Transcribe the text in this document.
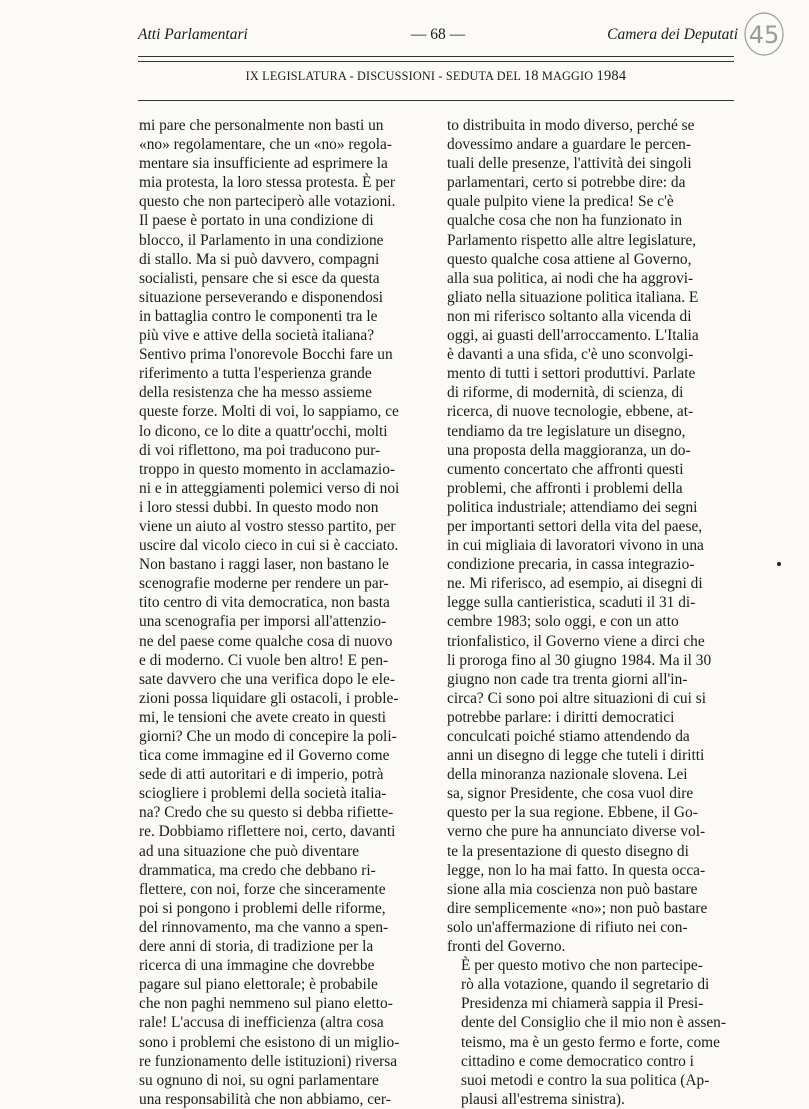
Atti Parlamentari	— 68 —	Camera dei Deputati 45
IX LEGISLATURA - DISCUSSIONI - SEDUTA DEL 18 MAGGIO 1984
mi pare che personalmente non basti un
«no» regolamentare, che un «no» regola-
mentare sia insufficiente ad esprimere la
mia protesta, la loro stessa protesta. È per
questo che non parteciperò alle votazioni.
Il paese è portato in una condizione di
blocco, il Parlamento in una condizione
di stallo. Ma si può davvero, compagni
socialisti, pensare che si esce da questa
situazione perseverando e disponendosi
in battaglia contro le componenti tra le
più vive e attive della società italiana?
Sentivo prima l'onorevole Bocchi fare un
riferimento a tutta l'esperienza grande
della resistenza che ha messo assieme
queste forze. Molti di voi, lo sappiamo, ce
lo dicono, ce lo dite a quattr'occhi, molti
di voi riflettono, ma poi traducono pur-
troppo in questo momento in acclamazio-
ni e in atteggiamenti polemici verso di noi
i loro stessi dubbi. In questo modo non
viene un aiuto al vostro stesso partito, per
uscire dal vicolo cieco in cui si è cacciato.
Non bastano i raggi laser, non bastano le
scenografie moderne per rendere un par-
tito centro di vita democratica, non basta
una scenografia per imporsi all'attenzio-
ne del paese come qualche cosa di nuovo
e di moderno. Ci vuole ben altro! E pen-
sate davvero che una verifica dopo le ele-
zioni possa liquidare gli ostacoli, i proble-
mi, le tensioni che avete creato in questi
giorni? Che un modo di concepire la poli-
tica come immagine ed il Governo come
sede di atti autoritari e di imperio, potrà
sciogliere i problemi della società italia-
na? Credo che su questo si debba rifiette-
re. Dobbiamo riflettere noi, certo, davanti
ad una situazione che può diventare
drammatica, ma credo che debbano ri-
flettere, con noi, forze che sinceramente
poi si pongono i problemi delle riforme,
del rinnovamento, ma che vanno a spen-
dere anni di storia, di tradizione per la
ricerca di una immagine che dovrebbe
pagare sul piano elettorale; è probabile
che non paghi nemmeno sul piano eletto-
rale! L'accusa di inefficienza (altra cosa
sono i problemi che esistono di un miglio-
re funzionamento delle istituzioni) riversa
su ognuno di noi, su ogni parlamentare
una responsabilità che non abbiamo, cer-

to distribuita in modo diverso, perché se
dovessimo andare a guardare le percen-
tuali delle presenze, l'attività dei singoli
parlamentari, certo si potrebbe dire: da
quale pulpito viene la predica! Se c'è
qualche cosa che non ha funzionato in
Parlamento rispetto alle altre legislature,
questo qualche cosa attiene al Governo,
alla sua politica, ai nodi che ha aggrovi-
gliato nella situazione politica italiana. E
non mi riferisco soltanto alla vicenda di
oggi, ai guasti dell'arroccamento. L'Italia
è davanti a una sfida, c'è uno sconvolgi-
mento di tutti i settori produttivi. Parlate
di riforme, di modernità, di scienza, di
ricerca, di nuove tecnologie, ebbene, at-
tendiamo da tre legislature un disegno,
una proposta della maggioranza, un do-
cumento concertato che affronti questi
problemi, che affronti i problemi della
politica industriale; attendiamo dei segni
per importanti settori della vita del paese,
in cui migliaia di lavoratori vivono in una
condizione precaria, in cassa integrazio-
ne. Mi riferisco, ad esempio, ai disegni di
legge sulla cantieristica, scaduti il 31 di-
cembre 1983; solo oggi, e con un atto
trionfalistico, il Governo viene a dirci che
li proroga fino al 30 giugno 1984. Ma il 30
giugno non cade tra trenta giorni all'in-
circa? Ci sono poi altre situazioni di cui si
potrebbe parlare: i diritti democratici
conculcati poiché stiamo attendendo da
anni un disegno di legge che tuteli i diritti
della minoranza nazionale slovena. Lei
sa, signor Presidente, che cosa vuol dire
questo per la sua regione. Ebbene, il Go-
verno che pure ha annunciato diverse vol-
te la presentazione di questo disegno di
legge, non lo ha mai fatto. In questa occa-
sione alla mia coscienza non può bastare
dire semplicemente «no»; non può bastare
solo un'affermazione di rifiuto nei con-
fronti del Governo.

È per questo motivo che non partecipe-
rò alla votazione, quando il segretario di
Presidenza mi chiamerà sappia il Presi-
dente del Consiglio che il mio non è assen-
teismo, ma è un gesto fermo e forte, come
cittadino e come democratico contro i
suoi metodi e contro la sua politica (Ap-
plausi all'estrema sinistra).
